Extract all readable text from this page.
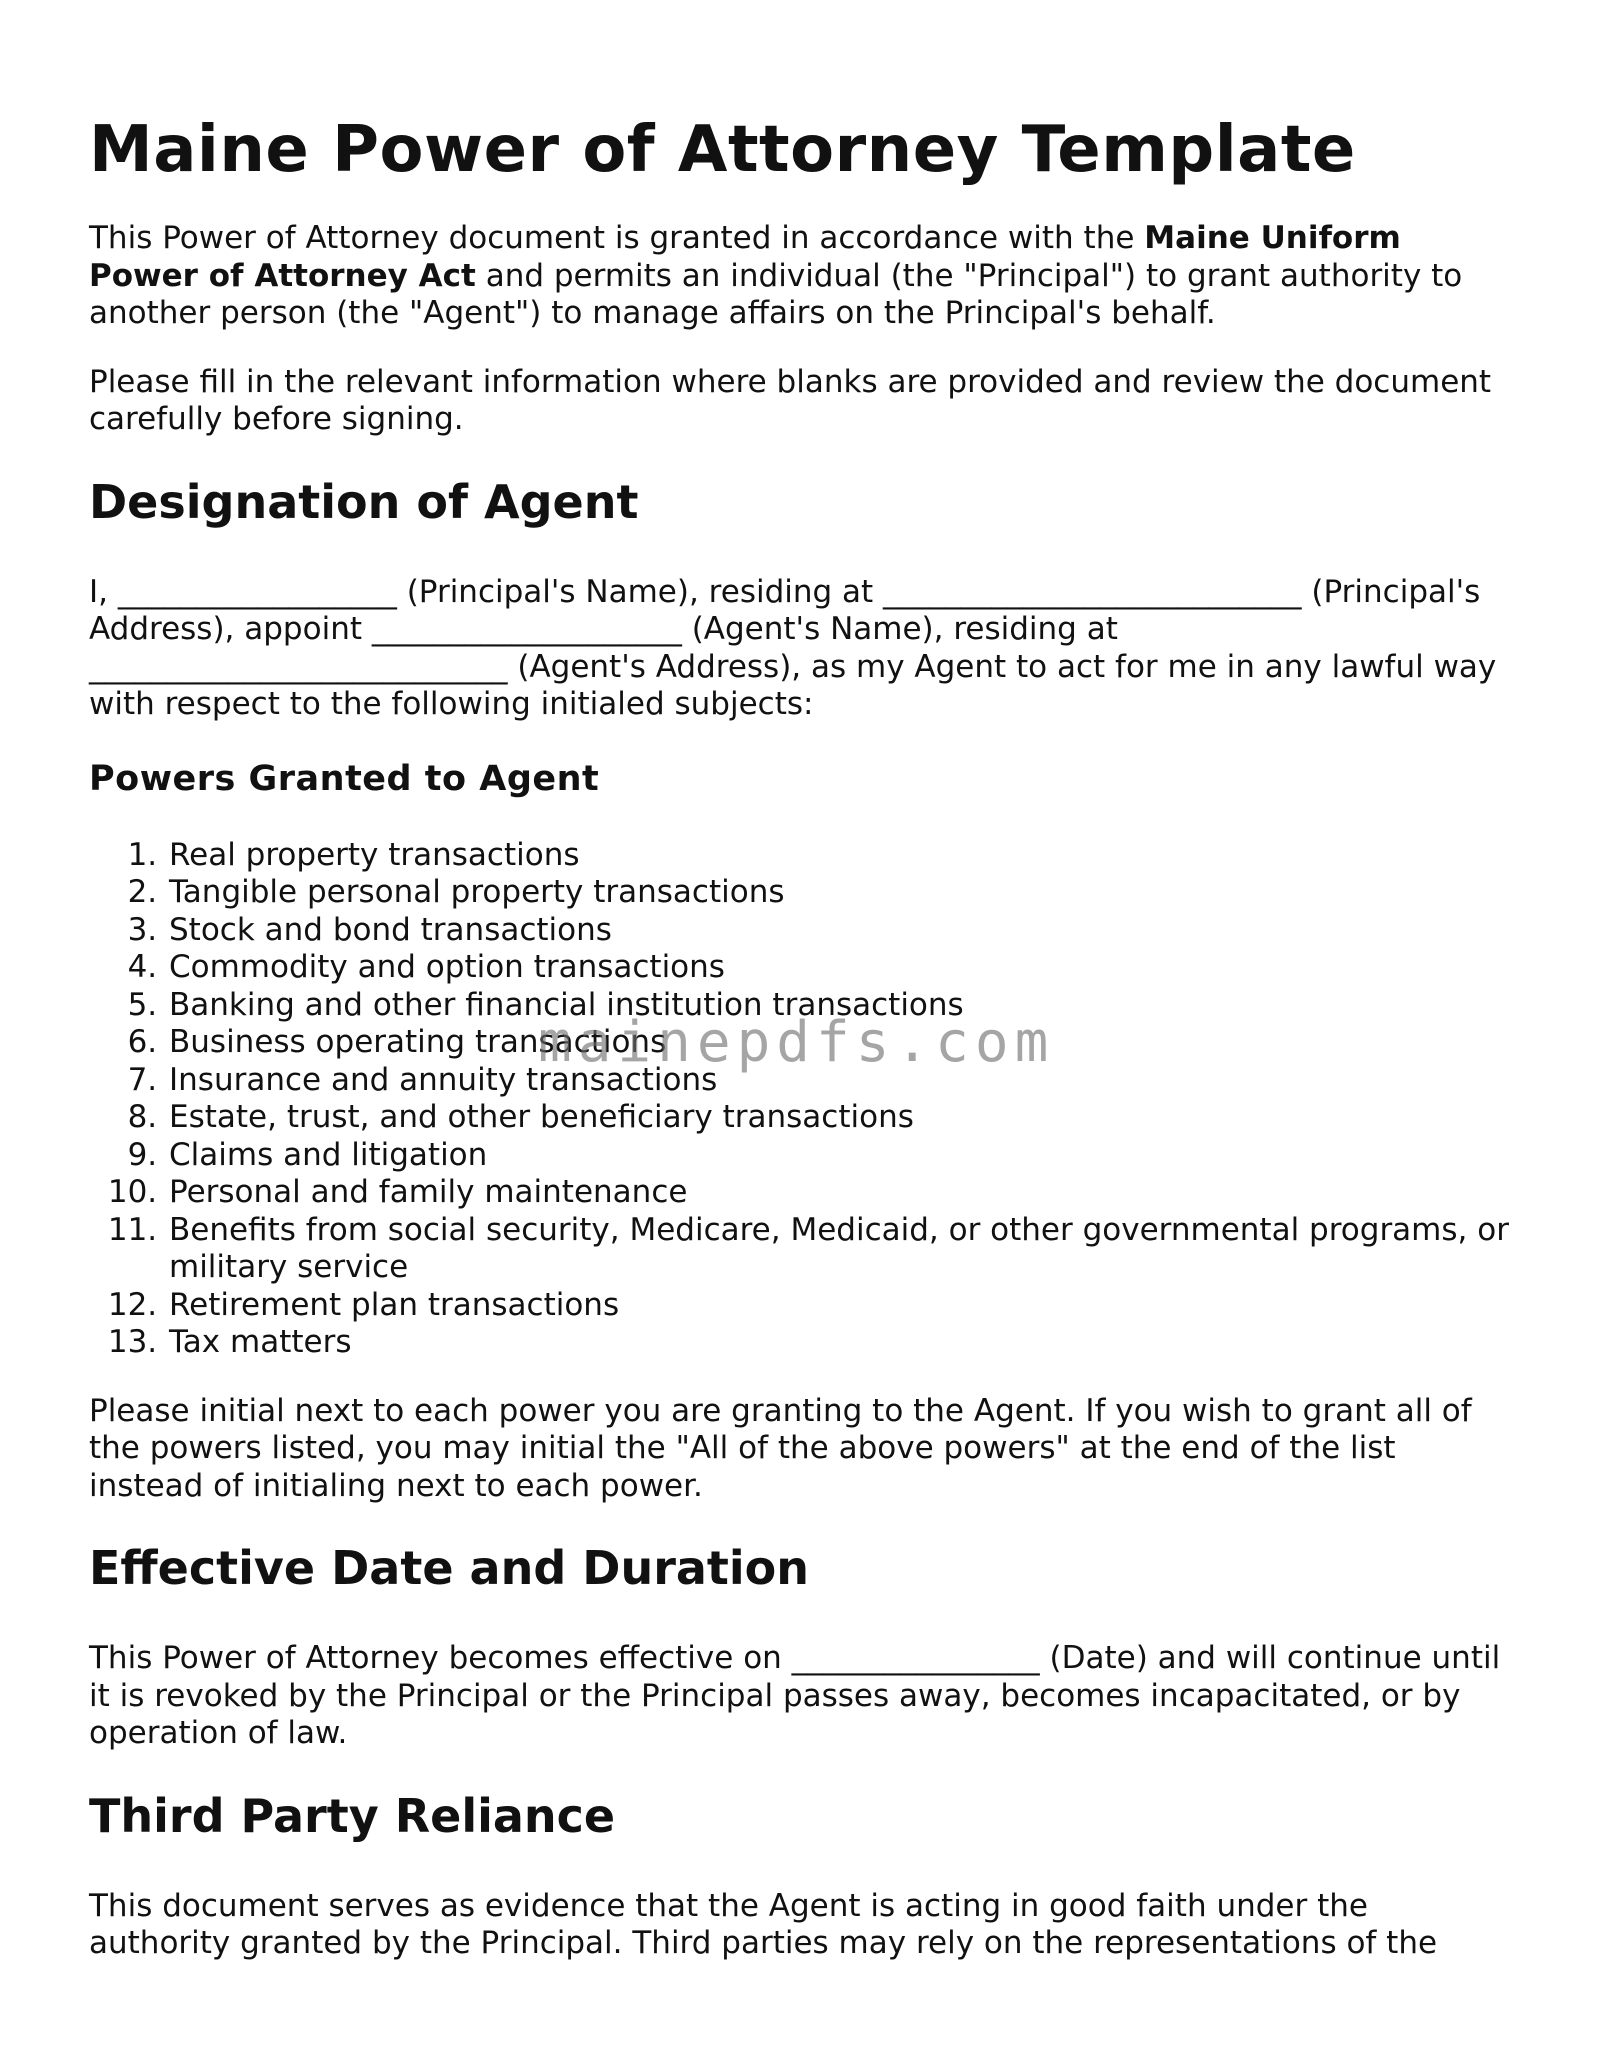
Maine Power of Attorney Template

This Power of Attorney document is granted in accordance with the Maine Uniform Power of Attorney Act and permits an individual (the "Principal") to grant authority to another person (the "Agent") to manage affairs on the Principal's behalf.

Please fill in the relevant information where blanks are provided and review the document carefully before signing.

Designation of Agent

I, __________________ (Principal's Name), residing at ___________________________ (Principal's Address), appoint ____________________ (Agent's Name), residing at ___________________________ (Agent's Address), as my Agent to act for me in any lawful way with respect to the following initialed subjects:

Powers Granted to Agent
1. Real property transactions
2. Tangible personal property transactions
3. Stock and bond transactions
4. Commodity and option transactions
5. Banking and other financial institution transactions
6. Business operating transactions
7. Insurance and annuity transactions
8. Estate, trust, and other beneficiary transactions
9. Claims and litigation
10. Personal and family maintenance
11. Benefits from social security, Medicare, Medicaid, or other governmental programs, or military service
12. Retirement plan transactions
13. Tax matters

Please initial next to each power you are granting to the Agent. If you wish to grant all of the powers listed, you may initial the "All of the above powers" at the end of the list instead of initialing next to each power.

Effective Date and Duration

This Power of Attorney becomes effective on ________________ (Date) and will continue until it is revoked by the Principal or the Principal passes away, becomes incapacitated, or by operation of law.

Third Party Reliance

This document serves as evidence that the Agent is acting in good faith under the authority granted by the Principal. Third parties may rely on the representations of the

mainepdfs.com
